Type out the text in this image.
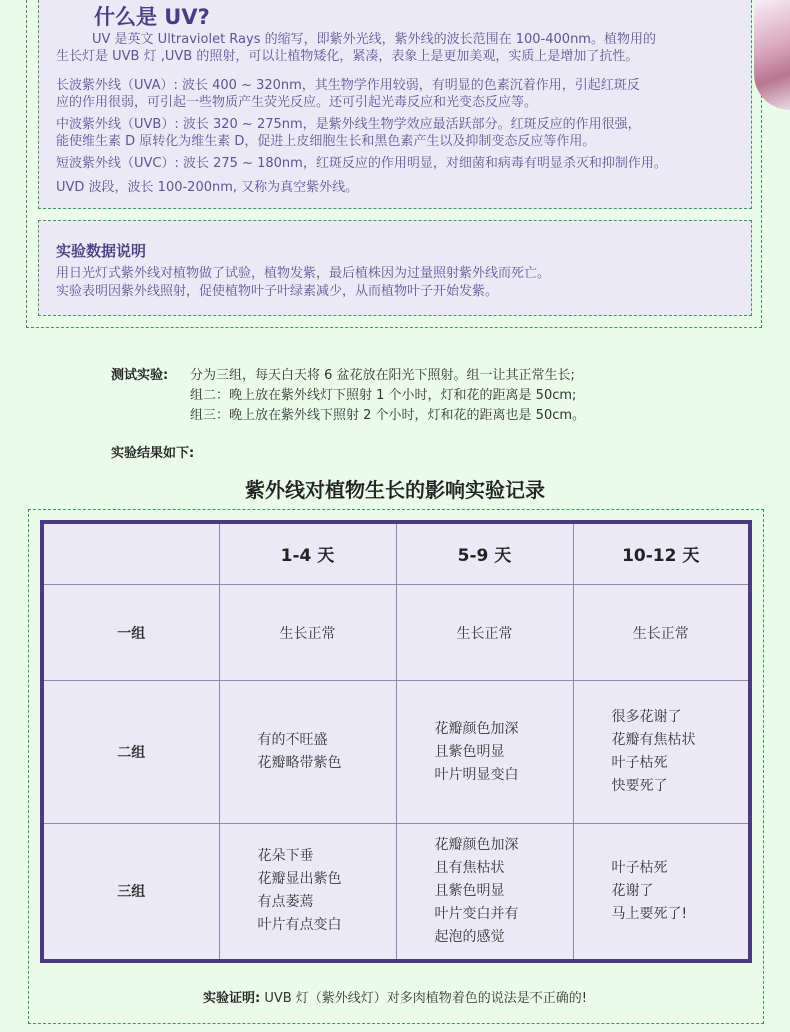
什么是 UV?

UV 是英文 Ultraviolet Rays 的缩写，即紫外光线，紫外线的波长范围在 100-400nm。植物用的

生长灯是 UVB 灯 ,UVB 的照射，可以让植物矮化，紧凑，表象上是更加美观，实质上是增加了抗性。

长波紫外线（UVA）: 波长 400 ~ 320nm，其生物学作用较弱，有明显的色素沉着作用，引起红斑反

应的作用很弱，可引起一些物质产生荧光反应。还可引起光毒反应和光变态反应等。

中波紫外线（UVB）: 波长 320 ~ 275nm，是紫外线生物学效应最活跃部分。红斑反应的作用很强，

能使维生素 D 原转化为维生素 D，促进上皮细胞生长和黑色素产生以及抑制变态反应等作用。

短波紫外线（UVC）: 波长 275 ~ 180nm，红斑反应的作用明显，对细菌和病毒有明显杀灭和抑制作用。

UVD 波段，波长 100-200nm, 又称为真空紫外线。

实验数据说明

用日光灯式紫外线对植物做了试验，植物发紫，最后植株因为过量照射紫外线而死亡。

实验表明因紫外线照射，促使植物叶子叶绿素减少，从而植物叶子开始发紫。

测试实验: 分为三组，每天白天将 6 盆花放在阳光下照射。组一让其正常生长;
组二：晚上放在紫外线灯下照射 1 个小时，灯和花的距离是 50cm;
组三：晚上放在紫外线下照射 2 个小时，灯和花的距离也是 50cm。
实验结果如下:
紫外线对植物生长的影响实验记录
	1-4 天	5-9 天	10-12 天
一组	生长正常	生长正常	生长正常
二组	有的不旺盛
花瓣略带紫色	花瓣颜色加深
且紫色明显
叶片明显变白	很多花谢了
花瓣有焦枯状
叶子枯死
快要死了

三组	花朵下垂
花瓣显出紫色
有点萎蔫
叶片有点变白	花瓣颜色加深
且有焦枯状
且紫色明显
叶片变白并有
起泡的感觉	叶子枯死
花谢了
马上要死了!
实验证明: UVB 灯（紫外线灯）对多肉植物着色的说法是不正确的!
